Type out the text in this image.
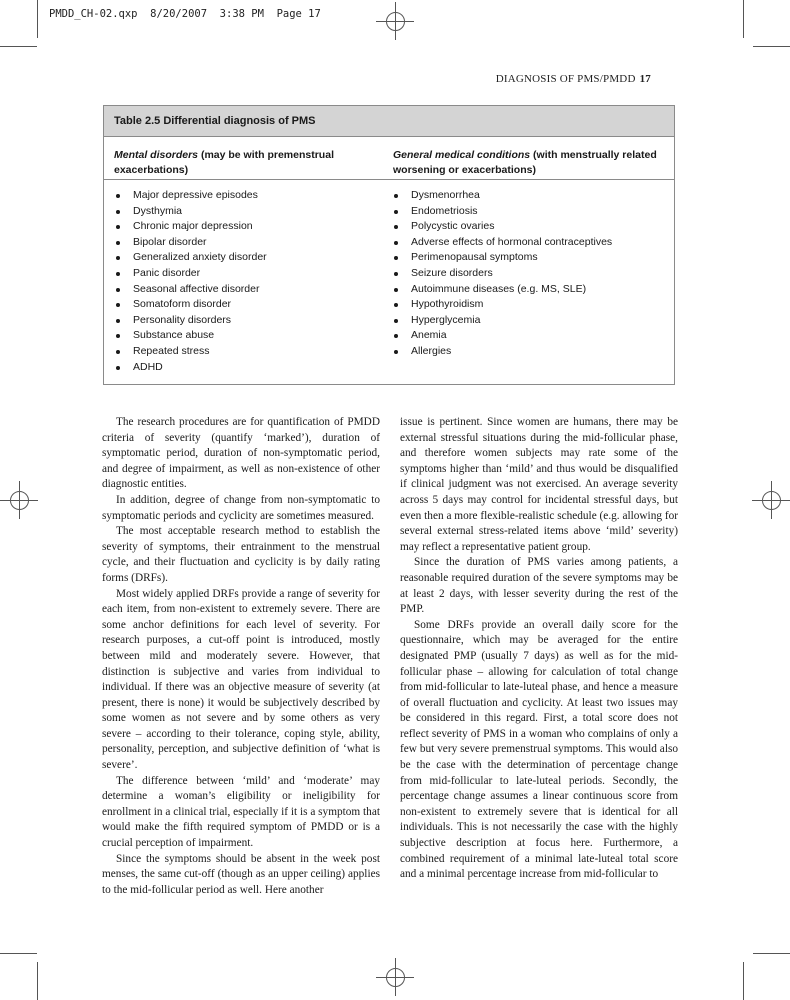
PMDD_CH-02.qxp  8/20/2007  3:38 PM  Page 17
DIAGNOSIS OF PMS/PMDD 17
Table 2.5 Differential diagnosis of PMS
Mental disorders (may be with premenstrual exacerbations)
General medical conditions (with menstrually related worsening or exacerbations)
Major depressive episodes
Dysthymia
Chronic major depression
Bipolar disorder
Generalized anxiety disorder
Panic disorder
Seasonal affective disorder
Somatoform disorder
Personality disorders
Substance abuse
Repeated stress
ADHD
Dysmenorrhea
Endometriosis
Polycystic ovaries
Adverse effects of hormonal contraceptives
Perimenopausal symptoms
Seizure disorders
Autoimmune diseases (e.g. MS, SLE)
Hypothyroidism
Hyperglycemia
Anemia
Allergies

The research procedures are for quantification of PMDD criteria of severity (quantify ‘marked’), duration of symptomatic period, duration of non-symptomatic period, and degree of impairment, as well as non-existence of other diagnostic entities.

In addition, degree of change from non-symptomatic to symptomatic periods and cyclicity are sometimes measured.

The most acceptable research method to establish the severity of symptoms, their entrainment to the menstrual cycle, and their fluctuation and cyclicity is by daily rating forms (DRFs).

Most widely applied DRFs provide a range of severity for each item, from non-existent to extremely severe. There are some anchor definitions for each level of severity. For research purposes, a cut-off point is introduced, mostly between mild and moderately severe. However, that distinction is subjective and varies from individual to individual. If there was an objective measure of severity (at present, there is none) it would be subjectively described by some women as not severe and by some others as very severe – according to their tolerance, coping style, ability, personality, perception, and subjective definition of ‘what is severe’.

The difference between ‘mild’ and ‘moderate’ may determine a woman’s eligibility or ineligibility for enrollment in a clinical trial, especially if it is a symptom that would make the fifth required symptom of PMDD or is a crucial perception of impairment.

Since the symptoms should be absent in the week post menses, the same cut-off (though as an upper ceiling) applies to the mid-follicular period as well. Here another

issue is pertinent. Since women are humans, there may be external stressful situations during the mid-follicular phase, and therefore women subjects may rate some of the symptoms higher than ‘mild’ and thus would be disqualified if clinical judgment was not exercised. An average severity across 5 days may control for incidental stressful days, but even then a more flexible-realistic schedule (e.g. allowing for several external stress-related items above ‘mild’ severity) may reflect a representative patient group.

Since the duration of PMS varies among patients, a reasonable required duration of the severe symptoms may be at least 2 days, with lesser severity during the rest of the PMP.

Some DRFs provide an overall daily score for the questionnaire, which may be averaged for the entire designated PMP (usually 7 days) as well as for the mid-follicular phase – allowing for calculation of total change from mid-follicular to late-luteal phase, and hence a measure of overall fluctuation and cyclicity. At least two issues may be considered in this regard. First, a total score does not reflect severity of PMS in a woman who complains of only a few but very severe premenstrual symptoms. This would also be the case with the determination of percentage change from mid-follicular to late-luteal periods. Secondly, the percentage change assumes a linear continuous score from non-existent to extremely severe that is identical for all individuals. This is not necessarily the case with the highly subjective description at focus here. Furthermore, a combined requirement of a minimal late-luteal total score and a minimal percentage increase from mid-follicular to
